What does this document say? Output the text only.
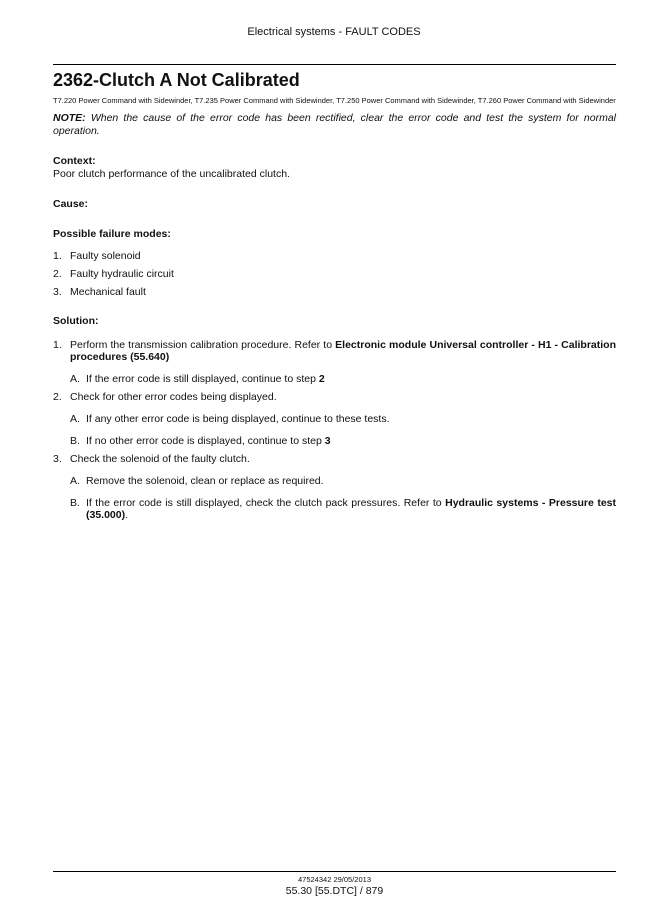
Electrical systems - FAULT CODES
2362-Clutch A Not Calibrated
T7.220 Power Command with Sidewinder, T7.235 Power Command with Sidewinder, T7.250 Power Command with Sidewinder, T7.260 Power Command with Sidewinder
NOTE: When the cause of the error code has been rectified, clear the error code and test the system for normal operation.

Context:

Poor clutch performance of the uncalibrated clutch.

Cause:

Possible failure modes:

1. Faulty solenoid
2. Faulty hydraulic circuit
3. Mechanical fault

Solution:

1. Perform the transmission calibration procedure. Refer to Electronic module Universal controller - H1 - Calibration procedures (55.640)
A. If the error code is still displayed, continue to step 2
2. Check for other error codes being displayed.
A. If any other error code is being displayed, continue to these tests.
B. If no other error code is displayed, continue to step 3
3. Check the solenoid of the faulty clutch.
A. Remove the solenoid, clean or replace as required.
B. If the error code is still displayed, check the clutch pack pressures. Refer to Hydraulic systems - Pressure test (35.000).
47524342 29/05/2013
55.30 [55.DTC] / 879
